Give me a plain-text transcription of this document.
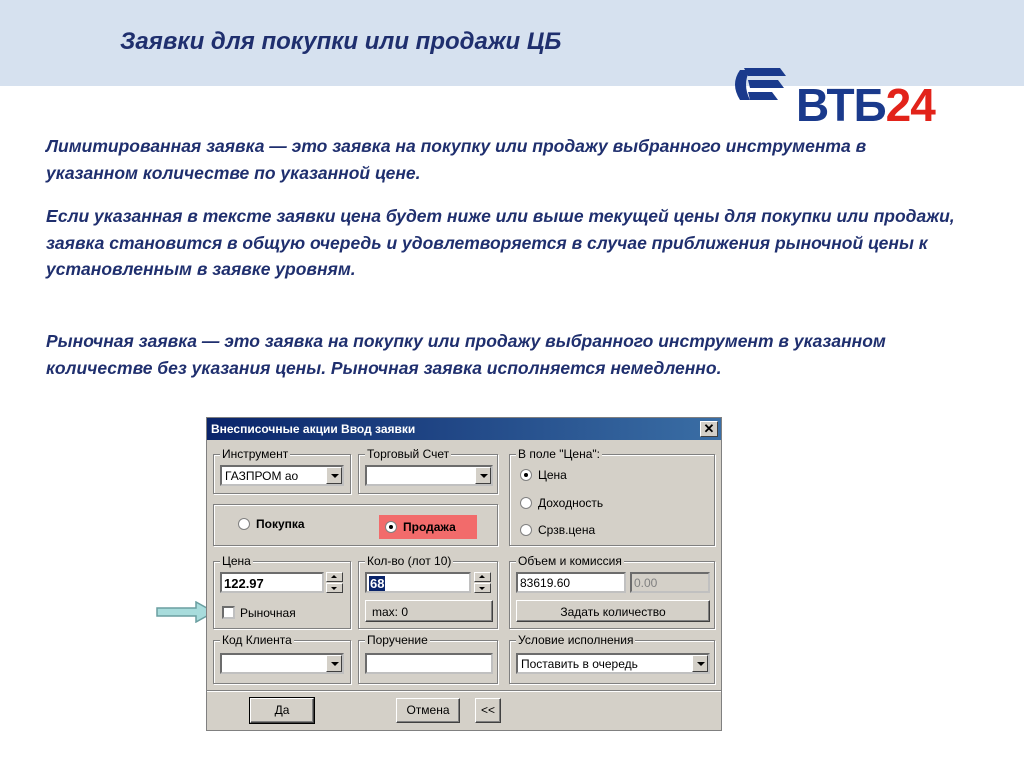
Заявки для покупки или продажи ЦБ
ВТБ24
Лимитированная заявка — это заявка на покупку или продажу выбранного инструмента в указанном количестве по указанной цене.
Если указанная в тексте заявки цена будет ниже или выше текущей цены для покупки или продажи, заявка становится в общую очередь и удовлетворяется в случае приближения рыночной цены к установленным в заявке уровням.
Рыночная заявка — это заявка на покупку или продажу выбранного инструмент в указанном количестве без указания цены. Рыночная заявка исполняется немедленно.
Внесписочные акции Ввод заявки	✕
Инструмент
ГАЗПРОМ ао
Торговый Счет	В поле "Цена":
Цена
Доходность
Срзв.цена
Покупка	Продажа
Цена
122.97
Рыночная
Кол-во (лот 10)
68
max: 0
Объем и комиссия
83619.60	0.00
Задать количество
Код Клиента	Поручение	Условие исполнения
Поставить в очередь
Да	Отмена	<<
